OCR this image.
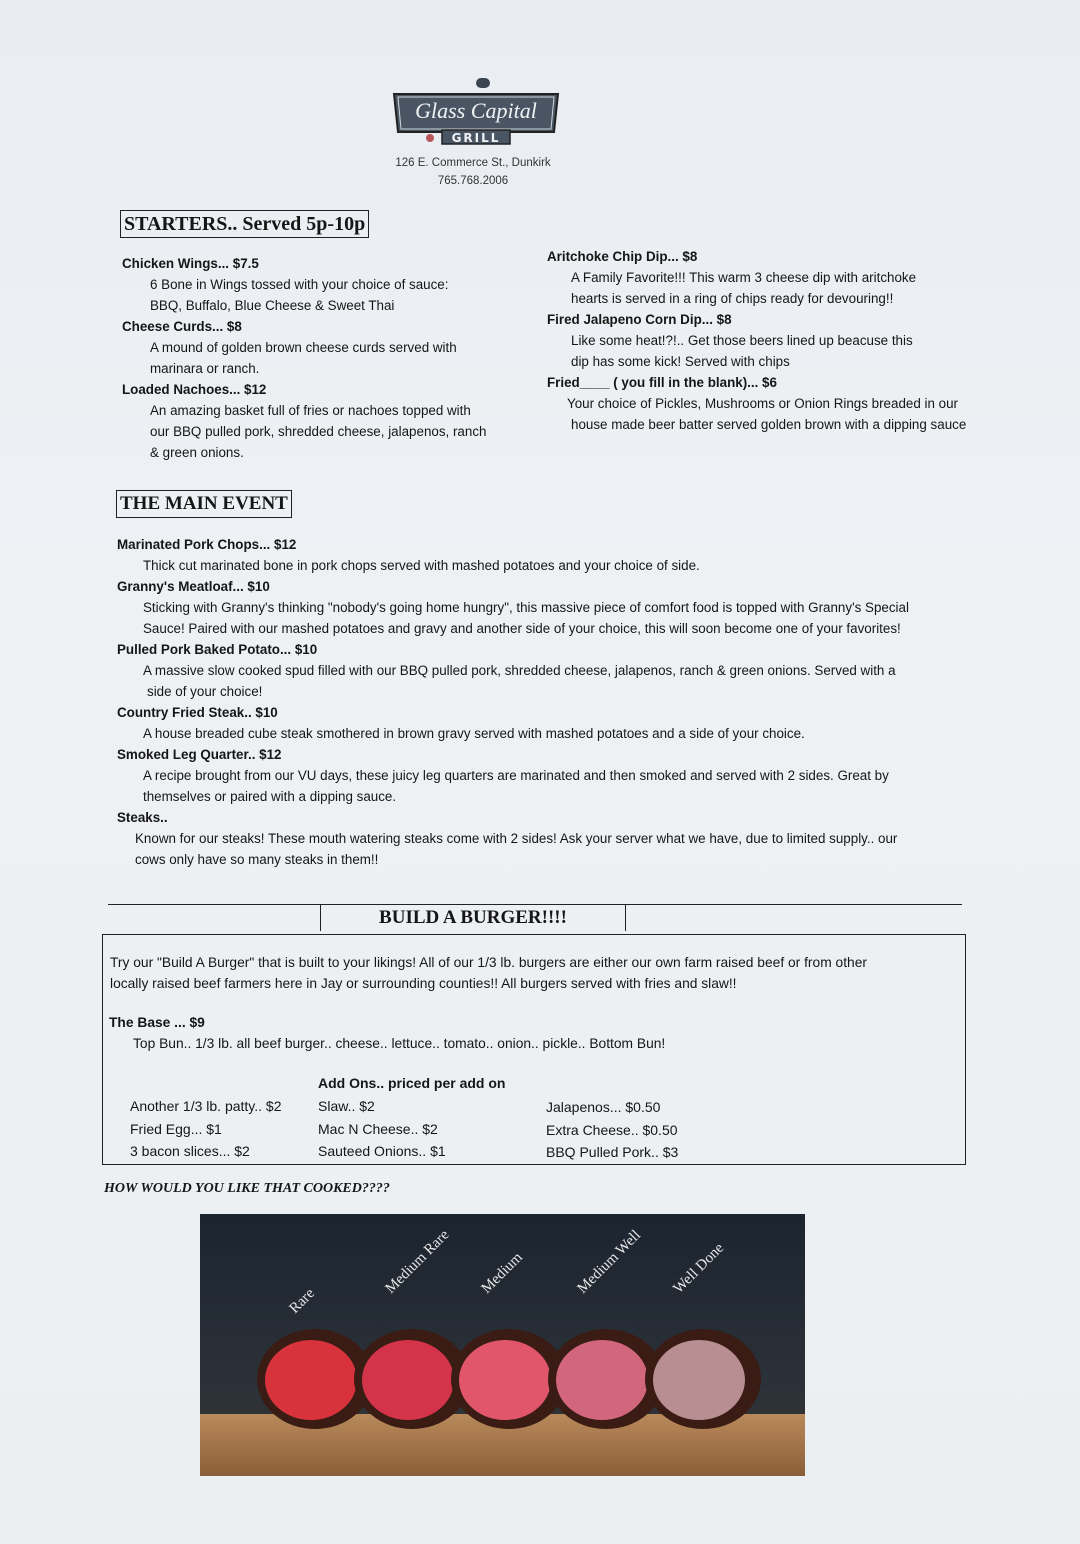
Glass Capital
GRILL
126 E. Commerce St., Dunkirk
765.768.2006
STARTERS.. Served 5p-10p
Chicken Wings... $7.5
6 Bone in Wings tossed with your choice of sauce:
BBQ, Buffalo, Blue Cheese & Sweet Thai
Cheese Curds... $8
A mound of golden brown cheese curds served with
marinara or ranch.
Loaded Nachoes... $12
An amazing basket full of fries or nachoes topped with
our BBQ pulled pork, shredded cheese, jalapenos, ranch
& green onions.
Aritchoke Chip Dip... $8
A Family Favorite!!! This warm 3 cheese dip with aritchoke
hearts is served in a ring of chips ready for devouring!!
Fired Jalapeno Corn Dip... $8
Like some heat!?!.. Get those beers lined up beacuse this
dip has some kick! Served with chips
Fried____ ( you fill in the blank)... $6
Your choice of Pickles, Mushrooms or Onion Rings breaded in our
house made beer batter served golden brown with a dipping sauce
THE MAIN EVENT
Marinated Pork Chops... $12
Thick cut marinated bone in pork chops served with mashed potatoes and your choice of side.
Granny's Meatloaf... $10
Sticking with Granny's thinking "nobody's going home hungry", this massive piece of comfort food is topped with Granny's Special
Sauce! Paired with our mashed potatoes and gravy and another side of your choice, this will soon become one of your favorites!
Pulled Pork Baked Potato... $10
A massive slow cooked spud filled with our BBQ pulled pork, shredded cheese, jalapenos, ranch & green onions. Served with a
side of your choice!
Country Fried Steak.. $10
A house breaded cube steak smothered in brown gravy served with mashed potatoes and a side of your choice.
Smoked Leg Quarter.. $12
A recipe brought from our VU days, these juicy leg quarters are marinated and then smoked and served with 2 sides. Great by
themselves or paired with a dipping sauce.
Steaks..
Known for our steaks! These mouth watering steaks come with 2 sides! Ask your server what we have, due to limited supply.. our
cows only have so many steaks in them!!
BUILD A BURGER!!!!
Try our "Build A Burger" that is built to your likings! All of our 1/3 lb. burgers are either our own farm raised beef or from other
locally raised beef farmers here in Jay or surrounding counties!! All burgers served with fries and slaw!!
The Base ... $9
Top Bun.. 1/3 lb. all beef burger.. cheese.. lettuce.. tomato.. onion.. pickle.. Bottom Bun!
Add Ons.. priced per add on
Another 1/3 lb. patty.. $2
Fried Egg... $1
3 bacon slices... $2
Slaw.. $2
Mac N Cheese.. $2
Sauteed Onions.. $1
Jalapenos... $0.50
Extra Cheese.. $0.50
BBQ Pulled Pork.. $3
HOW WOULD YOU LIKE THAT COOKED????
Rare
Medium Rare Medium	Medium Well Well Done
